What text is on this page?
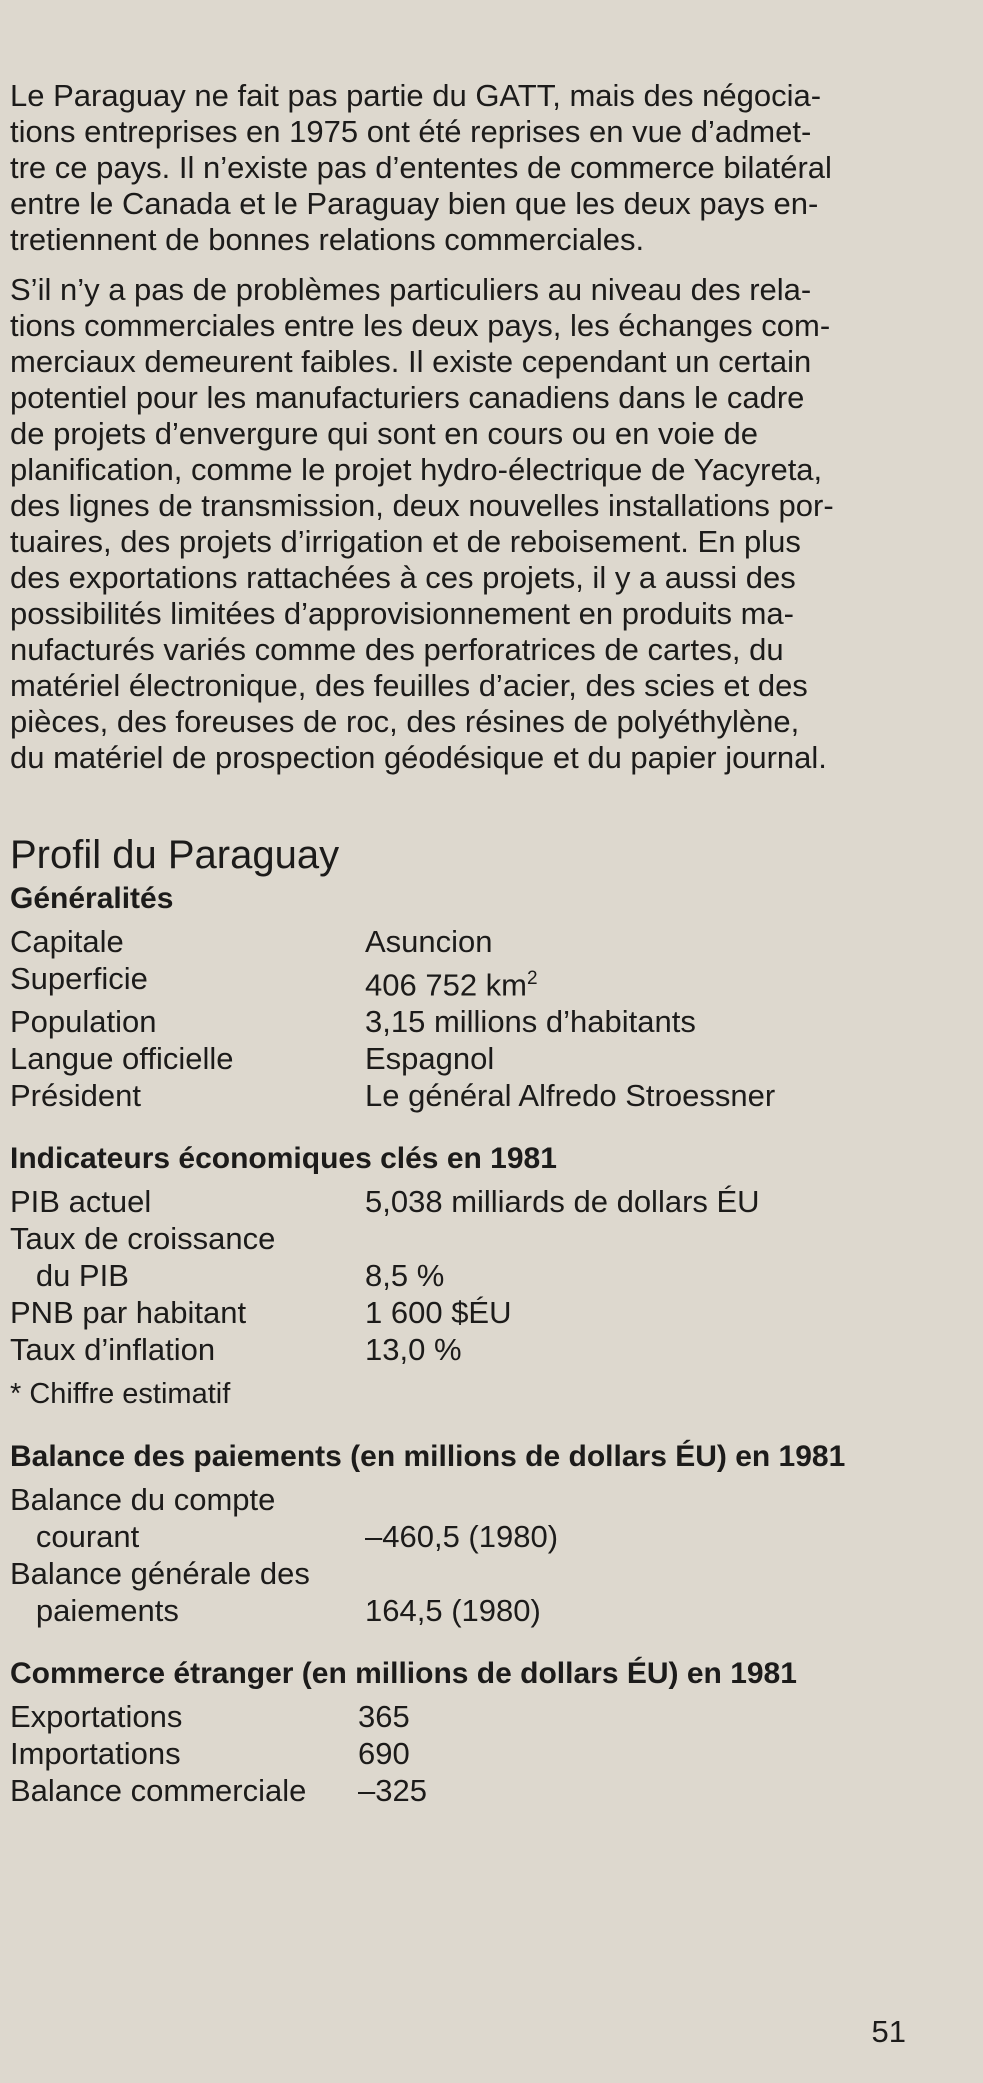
Le Paraguay ne fait pas partie du GATT, mais des négocia-
tions entreprises en 1975 ont été reprises en vue d’admet-
tre ce pays. Il n’existe pas d’ententes de commerce bilatéral
entre le Canada et le Paraguay bien que les deux pays en-
tretiennent de bonnes relations commerciales.

S’il n’y a pas de problèmes particuliers au niveau des rela-
tions commerciales entre les deux pays, les échanges com-
merciaux demeurent faibles. Il existe cependant un certain
potentiel pour les manufacturiers canadiens dans le cadre
de projets d’envergure qui sont en cours ou en voie de
planification, comme le projet hydro-électrique de Yacyreta,
des lignes de transmission, deux nouvelles installations por-
tuaires, des projets d’irrigation et de reboisement. En plus
des exportations rattachées à ces projets, il y a aussi des
possibilités limitées d’approvisionnement en produits ma-
nufacturés variés comme des perforatrices de cartes, du
matériel électronique, des feuilles d’acier, des scies et des
pièces, des foreuses de roc, des résines de polyéthylène,
du matériel de prospection géodésique et du papier journal.

Profil du Paraguay
Généralités
Capitale	Asuncion
Superficie	406 752 $km^2$
Population	3,15 millions d’habitants
Langue officielle	Espagnol
Président	Le général Alfredo Stroessner
Indicateurs économiques clés en 1981
PIB actuel	5,038 milliards de dollars ÉU
Taux de croissance
du PIB	8,5 %
PNB par habitant	1 600 $ÉU
Taux d’inflation	13,0 %
* Chiffre estimatif
Balance des paiements (en millions de dollars ÉU) en 1981
Balance du compte
courant	–460,5 (1980)
Balance générale des
paiements	164,5 (1980)
Commerce étranger (en millions de dollars ÉU) en 1981
Exportations	365
Importations	690
Balance commerciale	–325
51
